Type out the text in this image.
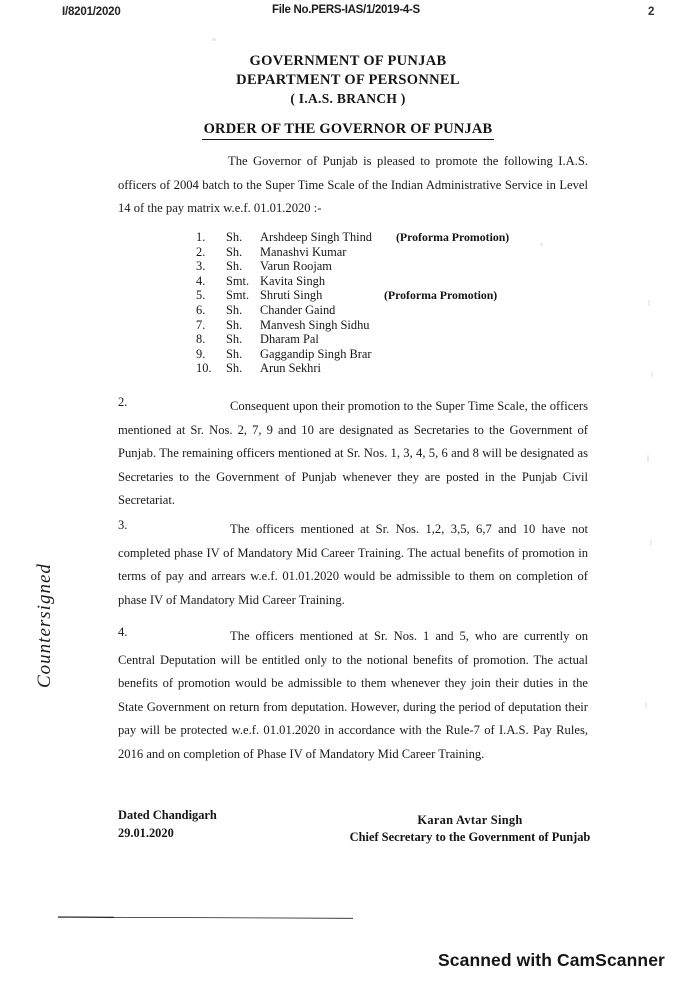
I/8201/2020	File No.PERS-IAS/1/2019-4-S	2
GOVERNMENT OF PUNJAB
DEPARTMENT OF PERSONNEL
( I.A.S. BRANCH )
ORDER OF THE GOVERNOR OF PUNJAB
The Governor of Punjab is pleased to promote the following I.A.S. officers of 2004 batch to the Super Time Scale of the Indian Administrative Service in Level 14 of the pay matrix w.e.f. 01.01.2020 :-
1. Sh. Arshdeep Singh Thind (Proforma Promotion)
2. Sh. Manashvi Kumar
3. Sh. Varun Roojam
4. Smt. Kavita Singh
5. Smt. Shruti Singh	(Proforma Promotion)
6. Sh. Chander Gaind
7. Sh. Manvesh Singh Sidhu
8. Sh. Dharam Pal
9. Sh. Gaggandip Singh Brar
10. Sh. Arun Sekhri
2.	Consequent upon their promotion to the Super Time Scale, the officers mentioned at Sr. Nos. 2, 7, 9 and 10 are designated as Secretaries to the Government of Punjab. The remaining officers mentioned at Sr. Nos. 1, 3, 4, 5, 6 and 8 will be designated as Secretaries to the Government of Punjab whenever they are posted in the Punjab Civil Secretariat.
3.	The officers mentioned at Sr. Nos. 1,2, 3,5, 6,7 and 10 have not completed phase IV of Mandatory Mid Career Training. The actual benefits of promotion in terms of pay and arrears w.e.f. 01.01.2020 would be admissible to them on completion of phase IV of Mandatory Mid Career Training.
4.	The officers mentioned at Sr. Nos. 1 and 5, who are currently on Central Deputation will be entitled only to the notional benefits of promotion. The actual benefits of promotion would be admissible to them whenever they join their duties in the State Government on return from deputation. However, during the period of deputation their pay will be protected w.e.f. 01.01.2020 in accordance with the Rule-7 of I.A.S. Pay Rules, 2016 and on completion of Phase IV of Mandatory Mid Career Training.
Countersigned
Dated Chandigarh
29.01.2020
Karan Avtar Singh
Chief Secretary to the Government of Punjab
Scanned with CamScanner
